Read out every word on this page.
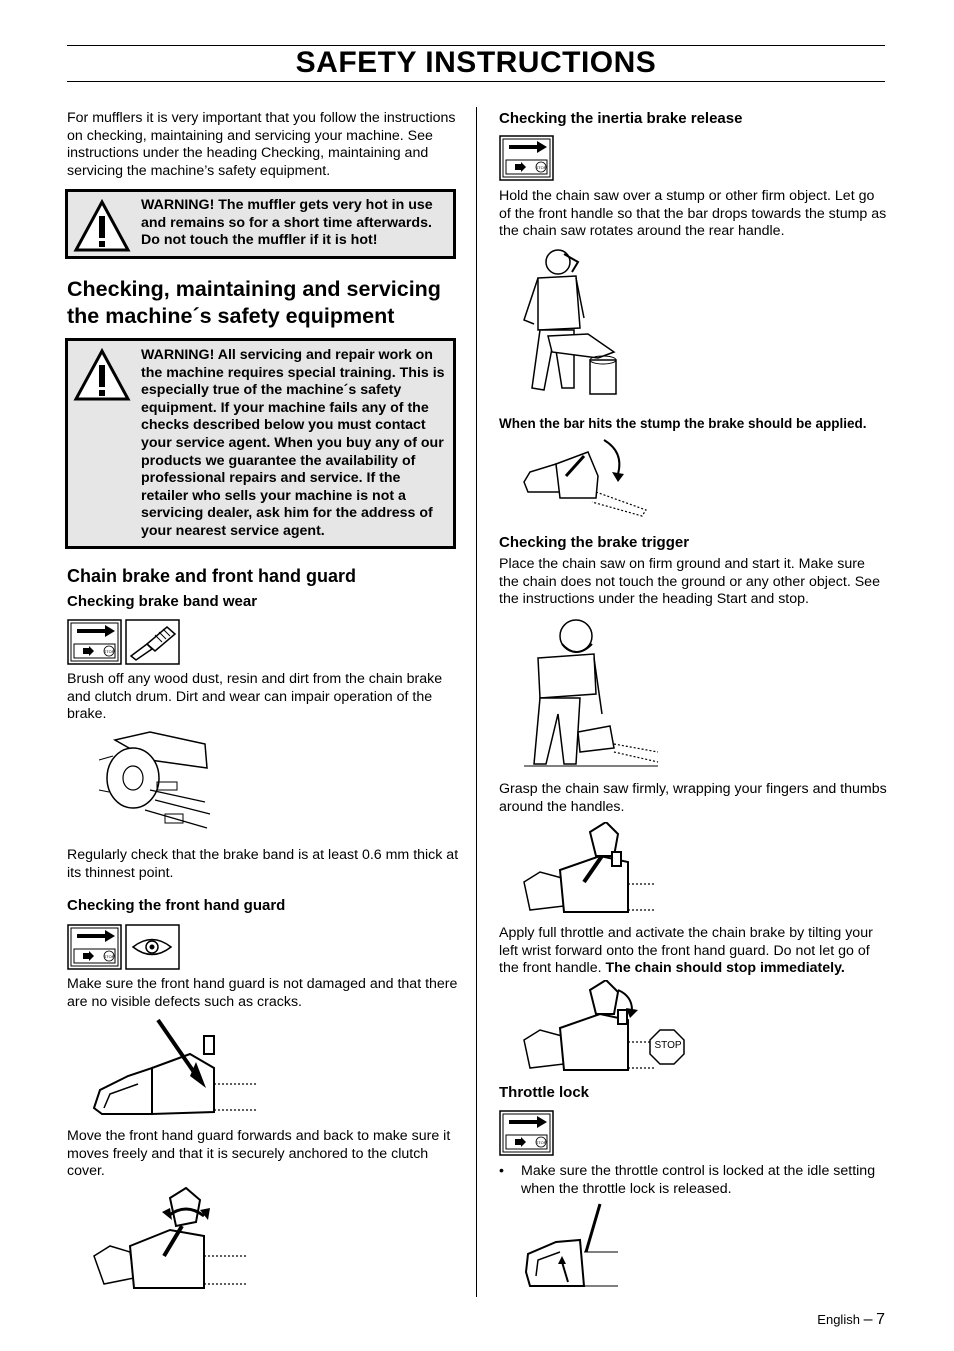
SAFETY INSTRUCTIONS
For mufflers it is very important that you follow the instructions on checking, maintaining and servicing your machine. See instructions under the heading Checking, maintaining and servicing the machine’s safety equipment.
WARNING! The muffler gets very hot in use and remains so for a short time afterwards. Do not touch the muffler if it is hot!
Checking, maintaining and servicing the machine´s safety equipment
WARNING! All servicing and repair work on the machine requires special training. This is especially true of the machine´s safety equipment. If your machine fails any of the checks described below you must contact your service agent. When you buy any of our products we guarantee the availability of professional repairs and service. If the retailer who sells your machine is not a servicing dealer, ask him for the address of your nearest service agent.
Chain brake and front hand guard
Checking brake band wear
STOP
Brush off any wood dust, resin and dirt from the chain brake and clutch drum. Dirt and wear can impair operation of the brake.
Regularly check that the brake band is at least 0.6 mm thick at its thinnest point.
Checking the front hand guard
STOP
Make sure the front hand guard is not damaged and that there are no visible defects such as cracks.
Move the front hand guard forwards and back to make sure it moves freely and that it is securely anchored to the clutch cover.
Checking the inertia brake release
STOP
Hold the chain saw over a stump or other firm object. Let go of the front handle so that the bar drops towards the stump as the chain saw rotates around the rear handle.
When the bar hits the stump the brake should be applied.
Checking the brake trigger
Place the chain saw on firm ground and start it. Make sure the chain does not touch the ground or any other object. See the instructions under the heading Start and stop.
Grasp the chain saw firmly, wrapping your fingers and thumbs around the handles.
Apply full throttle and activate the chain brake by tilting your left wrist forward onto the front hand guard. Do not let go of the front handle. The chain should stop immediately.
STOP
Throttle lock
STOP
• Make sure the throttle control is locked at the idle setting when the throttle lock is released.
English – 7
